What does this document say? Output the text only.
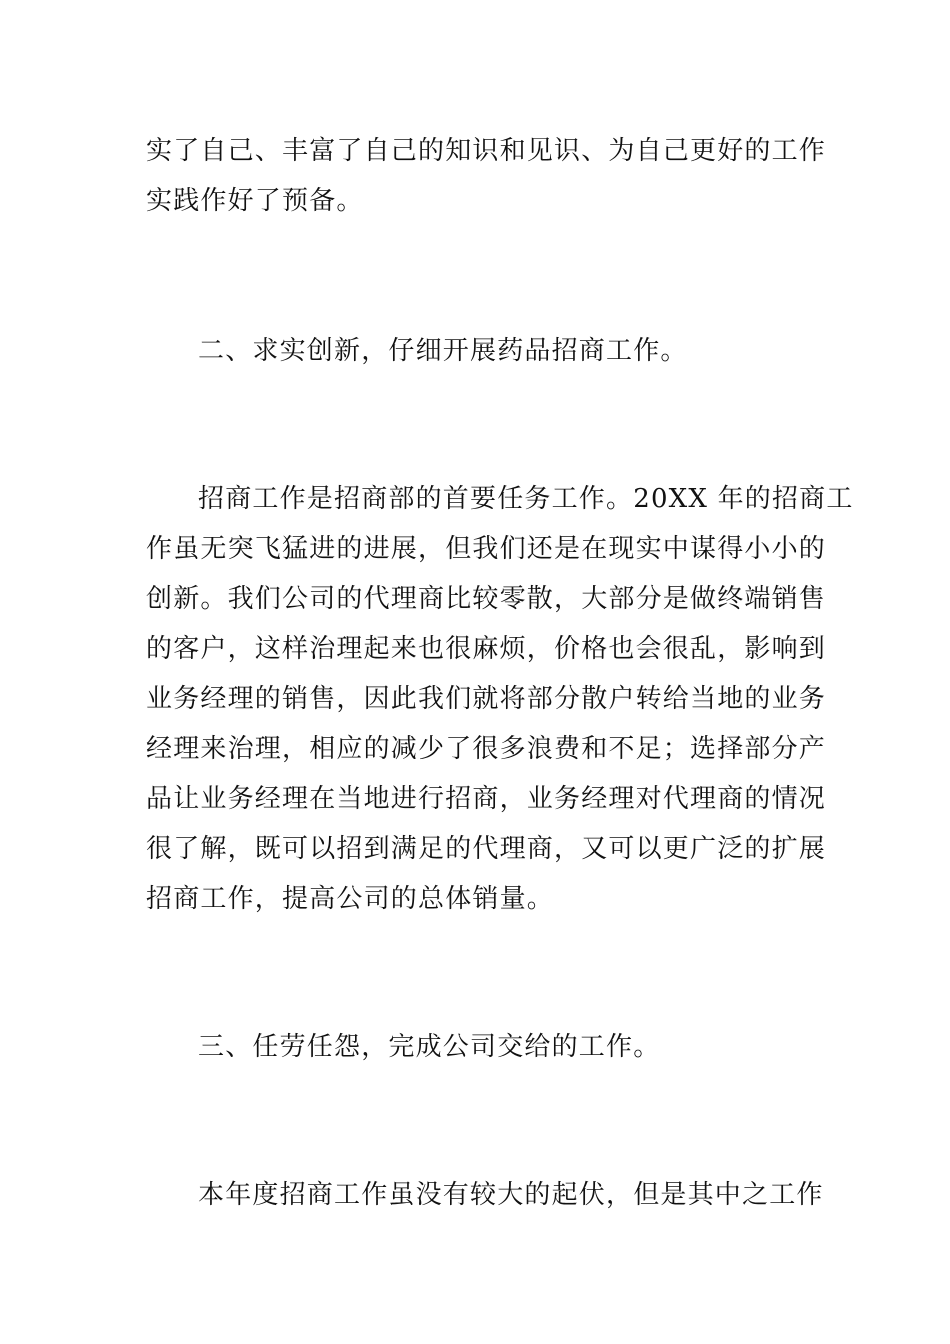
实了自己、丰富了自己的知识和见识、为自己更好的工作
实践作好了预备。
二、求实创新，仔细开展药品招商工作。
招商工作是招商部的首要任务工作。20XX 年的招商工
作虽无突飞猛进的进展，但我们还是在现实中谋得小小的
创新。我们公司的代理商比较零散，大部分是做终端销售
的客户，这样治理起来也很麻烦，价格也会很乱，影响到
业务经理的销售，因此我们就将部分散户转给当地的业务
经理来治理，相应的减少了很多浪费和不足；选择部分产
品让业务经理在当地进行招商，业务经理对代理商的情况
很了解，既可以招到满足的代理商，又可以更广泛的扩展
招商工作，提高公司的总体销量。
三、任劳任怨，完成公司交给的工作。
本年度招商工作虽没有较大的起伏，但是其中之工作
